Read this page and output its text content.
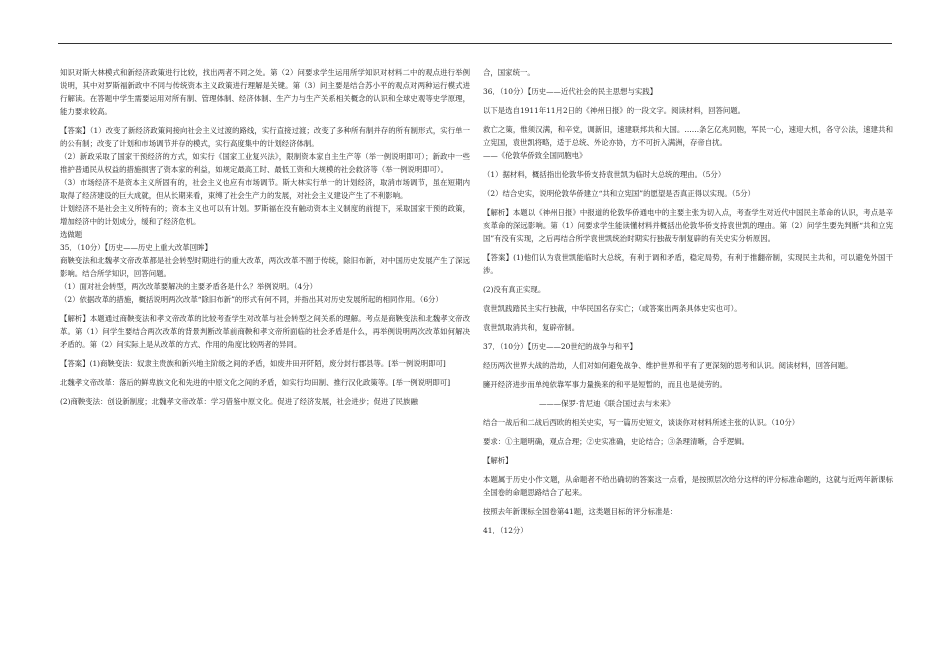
知识对斯大林模式和新经济政策进行比较，找出两者不同之处。第（2）问要求学生运用所学知识对材料二中的观点进行举例说明，其中对罗斯福新政中不同与传统资本主义政策进行理解是关键。第（3）问主要是结合苏小平的观点对两种运行模式进行解读。在答题中学生需要运用对所有制、管理体制、经济体制、生产力与生产关系相关概念的认识和全球史观等史学原理，能力要求较高。

【答案】（1）改变了新经济政策间接向社会主义过渡的路线，实行直接过渡；改变了多种所有制并存的所有制形式，实行单一的公有制；改变了计划和市场调节并存的模式，实行高度集中的计划经济体制。

（2）新政采取了国家干预经济的方式，如实行《国家工业复兴法》，限制资本家自主生产等（举一例说明即可）；新政中一些推护普通民从权益的措施损害了资本家的利益，如规定最高工时、最低工资和大规模的社会救济等（举一例说明即可）。

（3）市场经济不是资本主义所固有的，社会主义也应有市场调节。斯大林实行单一的计划经济，取消市场调节，虽在短期内取得了经济建设的巨大成就，但从长期来看，束缚了社会生产力的发展，对社会主义建设产生了不利影响。

计划经济不是社会主义所特有的；资本主义也可以有计划。罗斯福在没有触动资本主义制度的前提下，采取国家干预的政策，增加经济中的计划成分，缓和了经济危机。

选做题

35．（10分）【历史——历史上重大改革回眸】

商鞅变法和北魏孝文帝改革都是社会转型时期进行的重大改革，两次改革不囿于传统，除旧布新，对中国历史发展产生了深远影响。结合所学知识，回答问题。

（1）面对社会转型，两次改革要解决的主要矛盾各是什么？举例说明。（4分）

（2）依据改革的措施，概括说明两次改革“除旧布新”的形式有何不同，并指出其对历史发展所起的相同作用。（6分）

【解析】本题通过商鞅变法和孝文帝改革的比较考查学生对改革与社会转型之间关系的理解。考点是商鞅变法和北魏孝文帝改革。第（1）问学生要结合两次改革的背景判断改革前商鞅和孝文帝所面临的社会矛盾是什么，再举例说明两次改革如何解决矛盾的。第（2）问实际上是从改革的方式、作用的角度比较两者的异同。

【答案】(1)商鞅变法：奴隶主贵族和新兴地主阶级之间的矛盾，如废井田开阡陌，废分封行郡县等。[举一例说明即可]

北魏孝文帝改革：落后的鲜卑族文化和先进的中原文化之间的矛盾，如实行均田制、推行汉化政策等。[举一例说明即可]

(2)商鞅变法：创设新制度；北魏孝文帝改革：学习借鉴中原文化。促进了经济发展，社会进步；促进了民族融

合，国家统一。

36．（10分）【历史——近代社会的民主思想与实践】

以下是选自1911年11月2日的《神州日报》的一段文字。阅读材料，回答问题。

救亡之策，惟须汉满，和辛党，调新旧，速建联邦共和大国。……条乞亿兆同胞，军民一心，速迎大机，各守公法，速建共和立宪国，袁世凯将略，适于总统、外论亦协，方不可折入满洲，存帝自扰。

——《伦敦华侨致全国同胞电》

（1）据材料，概括指出伦敦华侨支持袁世凯为临时大总统的理由。（5分）

（2）结合史实，说明伦敦华侨建立“共和立宪国”的愿望是否真正得以实现。（5分）

【解析】本题以《神州日报》中报道的伦敦华侨通电中的主要主张为切入点，考查学生对近代中国民主革命的认识，考点是辛亥革命的深远影响。第（1）问要求学生能读懂材料并概括出伦敦华侨支持袁世凯的理由。第（2）问学生要先判断“共和立宪国”有没有实现，之后再结合所学袁世凯统治时期实行独裁专制复辟的有关史实分析原因。

【答案】(1)他们认为袁世凯能临时大总统，有利于调和矛盾，稳定局势，有利于推翻帝制，实现民主共和，可以避免外国干涉。

(2)没有真正实现。

袁世凯践踏民主实行独裁，中华民国名存实亡；（或答案出两条具体史实也可）。

袁世凯取消共和，复辟帝制。

37．（10分）【历史——20世纪的战争与和平】

经历两次世界大战的浩劫，人们对如何避免战争、维护世界和平有了更深刻的思考和认识。阅读材料，回答问题。

臃开经济进步而单纯依靠军事力量换来的和平是短暂的，而且也是徒劳的。

———保罗·肯尼迪《联合国过去与未来》

结合一战后和二战后西欧的相关史实，写一篇历史短文，谈谈你对材料所述主张的认识。（10分）

要求：①主题明确，观点合理；②史实准确，史论结合；③条理清晰，合乎逻辑。

【解析】

本题属于历史小作文题，从命题者不给出确切的答案这一点看，是按照层次给分这样的评分标准命题的，这就与近两年新课标全国卷的命题思路结合了起来。

按照去年新课标全国卷第41题，这类题目标的评分标准是：

41．（12分）
